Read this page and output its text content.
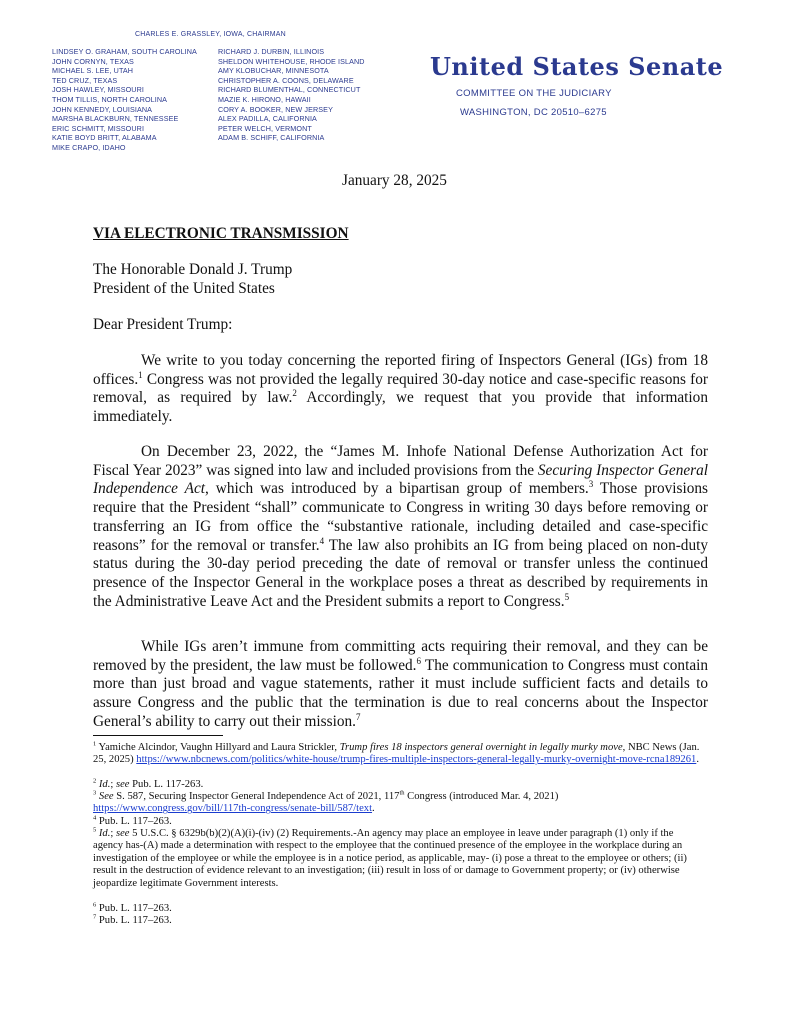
CHARLES E. GRASSLEY, IOWA, CHAIRMAN
LINDSEY O. GRAHAM, SOUTH CAROLINA
JOHN CORNYN, TEXAS
MICHAEL S. LEE, UTAH
TED CRUZ, TEXAS
JOSH HAWLEY, MISSOURI
THOM TILLIS, NORTH CAROLINA
JOHN KENNEDY, LOUISIANA
MARSHA BLACKBURN, TENNESSEE
ERIC SCHMITT, MISSOURI
KATIE BOYD BRITT, ALABAMA
MIKE CRAPO, IDAHO
RICHARD J. DURBIN, ILLINOIS
SHELDON WHITEHOUSE, RHODE ISLAND
AMY KLOBUCHAR, MINNESOTA
CHRISTOPHER A. COONS, DELAWARE
RICHARD BLUMENTHAL, CONNECTICUT
MAZIE K. HIRONO, HAWAII
CORY A. BOOKER, NEW JERSEY
ALEX PADILLA, CALIFORNIA
PETER WELCH, VERMONT
ADAM B. SCHIFF, CALIFORNIA
United States Senate
COMMITTEE ON THE JUDICIARY
WASHINGTON, DC 20510–6275
January 28, 2025
VIA ELECTRONIC TRANSMISSION
The Honorable Donald J. Trump
President of the United States
Dear President Trump:

We write to you today concerning the reported firing of Inspectors General (IGs) from 18 offices.$^1$ Congress was not provided the legally required 30-day notice and case-specific reasons for removal, as required by law.$^2$ Accordingly, we request that you provide that information immediately.

On December 23, 2022, the “James M. Inhofe National Defense Authorization Act for Fiscal Year 2023” was signed into law and included provisions from the Securing Inspector General Independence Act, which was introduced by a bipartisan group of members.$^3$ Those provisions require that the President “shall” communicate to Congress in writing 30 days before removing or transferring an IG from office the “substantive rationale, including detailed and case-specific reasons” for the removal or transfer.$^4$ The law also prohibits an IG from being placed on non-duty status during the 30-day period preceding the date of removal or transfer unless the continued presence of the Inspector General in the workplace poses a threat as described by requirements in the Administrative Leave Act and the President submits a report to Congress.$^5$

While IGs aren’t immune from committing acts requiring their removal, and they can be removed by the president, the law must be followed.$^6$ The communication to Congress must contain more than just broad and vague statements, rather it must include sufficient facts and details to assure Congress and the public that the termination is due to real concerns about the Inspector General’s ability to carry out their mission.$^7$

$^1$ Yamiche Alcindor, Vaughn Hillyard and Laura Strickler, Trump fires 18 inspectors general overnight in legally murky move, NBC News (Jan. 25, 2025) https://www.nbcnews.com/politics/white-house/trump-fires-multiple-inspectors-general-legally-murky-overnight-move-rcna189261.
$^2$ Id.; see Pub. L. 117-263.
$^3$ See S. 587, Securing Inspector General Independence Act of 2021, 117th Congress (introduced Mar. 4, 2021) https://www.congress.gov/bill/117th-congress/senate-bill/587/text.
$^4$ Pub. L. 117–263.
$^5$ Id.; see 5 U.S.C. § 6329b(b)(2)(A)(i)-(iv) (2) Requirements.-An agency may place an employee in leave under paragraph (1) only if the agency has-(A) made a determination with respect to the employee that the continued presence of the employee in the workplace during an investigation of the employee or while the employee is in a notice period, as applicable, may- (i) pose a threat to the employee or others; (ii) result in the destruction of evidence relevant to an investigation; (iii) result in loss of or damage to Government property; or (iv) otherwise jeopardize legitimate Government interests.
$^6$ Pub. L. 117–263.
$^7$ Pub. L. 117–263.
